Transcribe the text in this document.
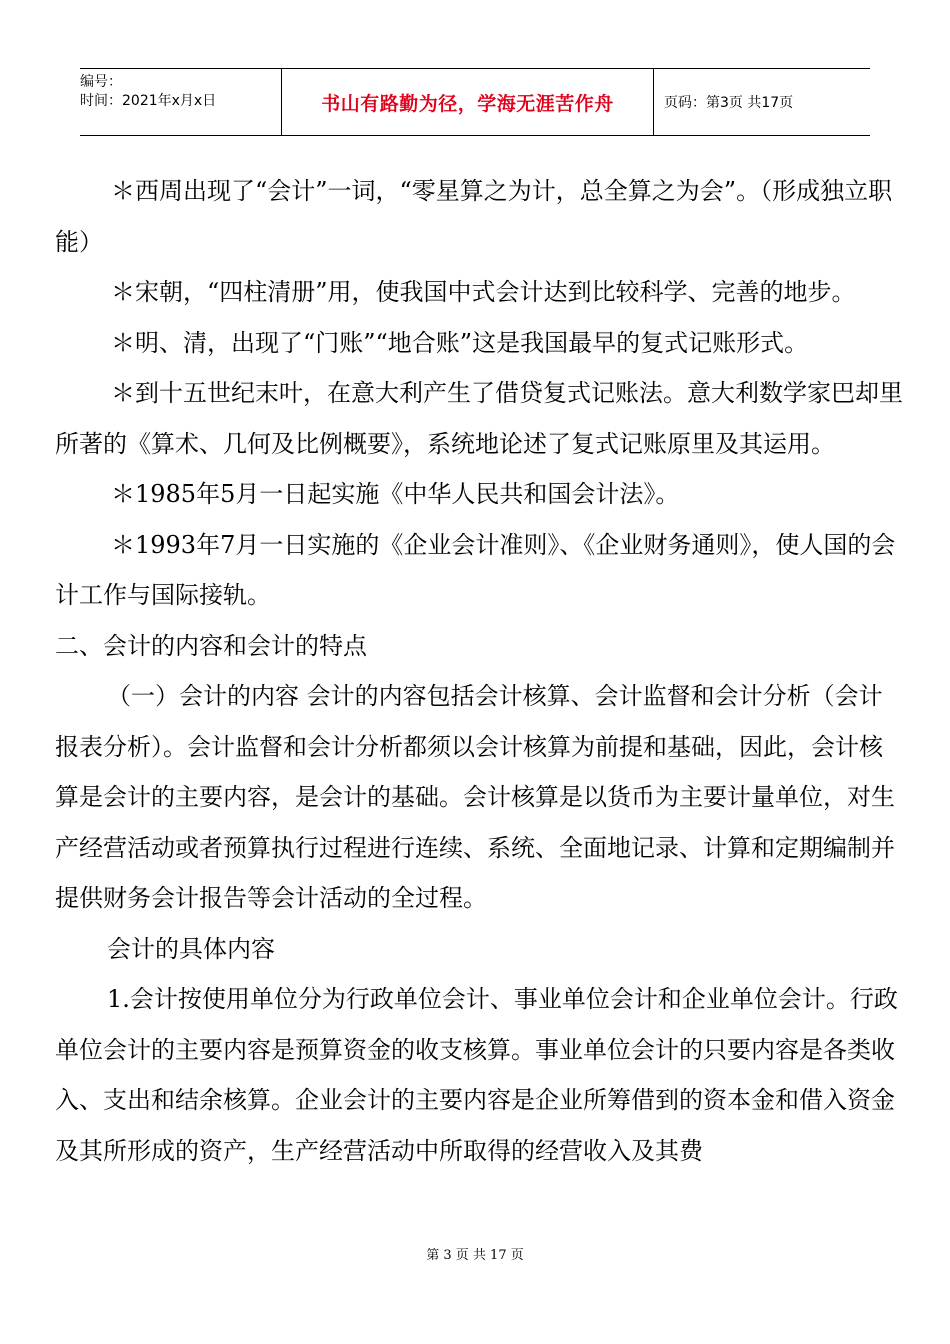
编号：
时间：2021年x月x日	书山有路勤为径，学海无涯苦作舟	页码：第3页 共17页

＊西周出现了“会计”一词，“零星算之为计，总全算之为会”。（形成独立职能）

＊宋朝，“四柱清册”用，使我国中式会计达到比较科学、完善的地步。

＊明、清，出现了“门账”“地合账”这是我国最早的复式记账形式。

＊到十五世纪末叶，在意大利产生了借贷复式记账法。意大利数学家巴却里所著的《算术、几何及比例概要》，系统地论述了复式记账原里及其运用。

＊1985年5月一日起实施《中华人民共和国会计法》。

＊1993年7月一日实施的《企业会计准则》、《企业财务通则》，使人国的会计工作与国际接轨。

二、会计的内容和会计的特点

（一）会计的内容 会计的内容包括会计核算、会计监督和会计分析（会计报表分析）。会计监督和会计分析都须以会计核算为前提和基础，因此，会计核算是会计的主要内容，是会计的基础。会计核算是以货币为主要计量单位，对生产经营活动或者预算执行过程进行连续、系统、全面地记录、计算和定期编制并提供财务会计报告等会计活动的全过程。

会计的具体内容

1.会计按使用单位分为行政单位会计、事业单位会计和企业单位会计。行政单位会计的主要内容是预算资金的收支核算。事业单位会计的只要内容是各类收入、支出和结余核算。企业会计的主要内容是企业所筹借到的资本金和借入资金及其所形成的资产，生产经营活动中所取得的经营收入及其费

第 3 页 共 17 页
